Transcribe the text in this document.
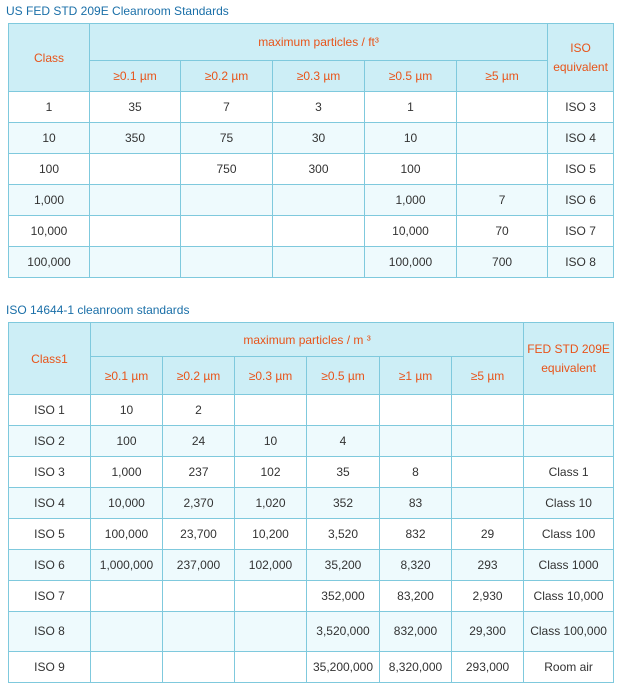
US FED STD 209E Cleanroom Standards
Class	maximum particles / ft³					ISO equivalent
	≥0.1 µm	≥0.2 µm	≥0.3 µm	≥0.5 µm	≥5 µm	
1	35	7	3	1		ISO 3
10	350	75	30	10		ISO 4
100		750	300	100		ISO 5
1,000				1,000	7	ISO 6
10,000				10,000	70	ISO 7
100,000				100,000	700	ISO 8
ISO 14644-1 cleanroom standards
Class1	maximum particles / m ³						FED STD 209E equivalent
	≥0.1 µm	≥0.2 µm	≥0.3 µm	≥0.5 µm	≥1 µm	≥5 µm	
ISO 1	10	2					
ISO 2	100	24	10	4			
ISO 3	1,000	237	102	35	8		Class 1
ISO 4	10,000	2,370	1,020	352	83		Class 10
ISO 5	100,000	23,700	10,200	3,520	832	29	Class 100
ISO 6	1,000,000	237,000	102,000	35,200	8,320	293	Class 1000
ISO 7				352,000	83,200	2,930	Class 10,000
ISO 8				3,520,000	832,000	29,300	Class 100,000
ISO 9				35,200,000	8,320,000	293,000	Room air
